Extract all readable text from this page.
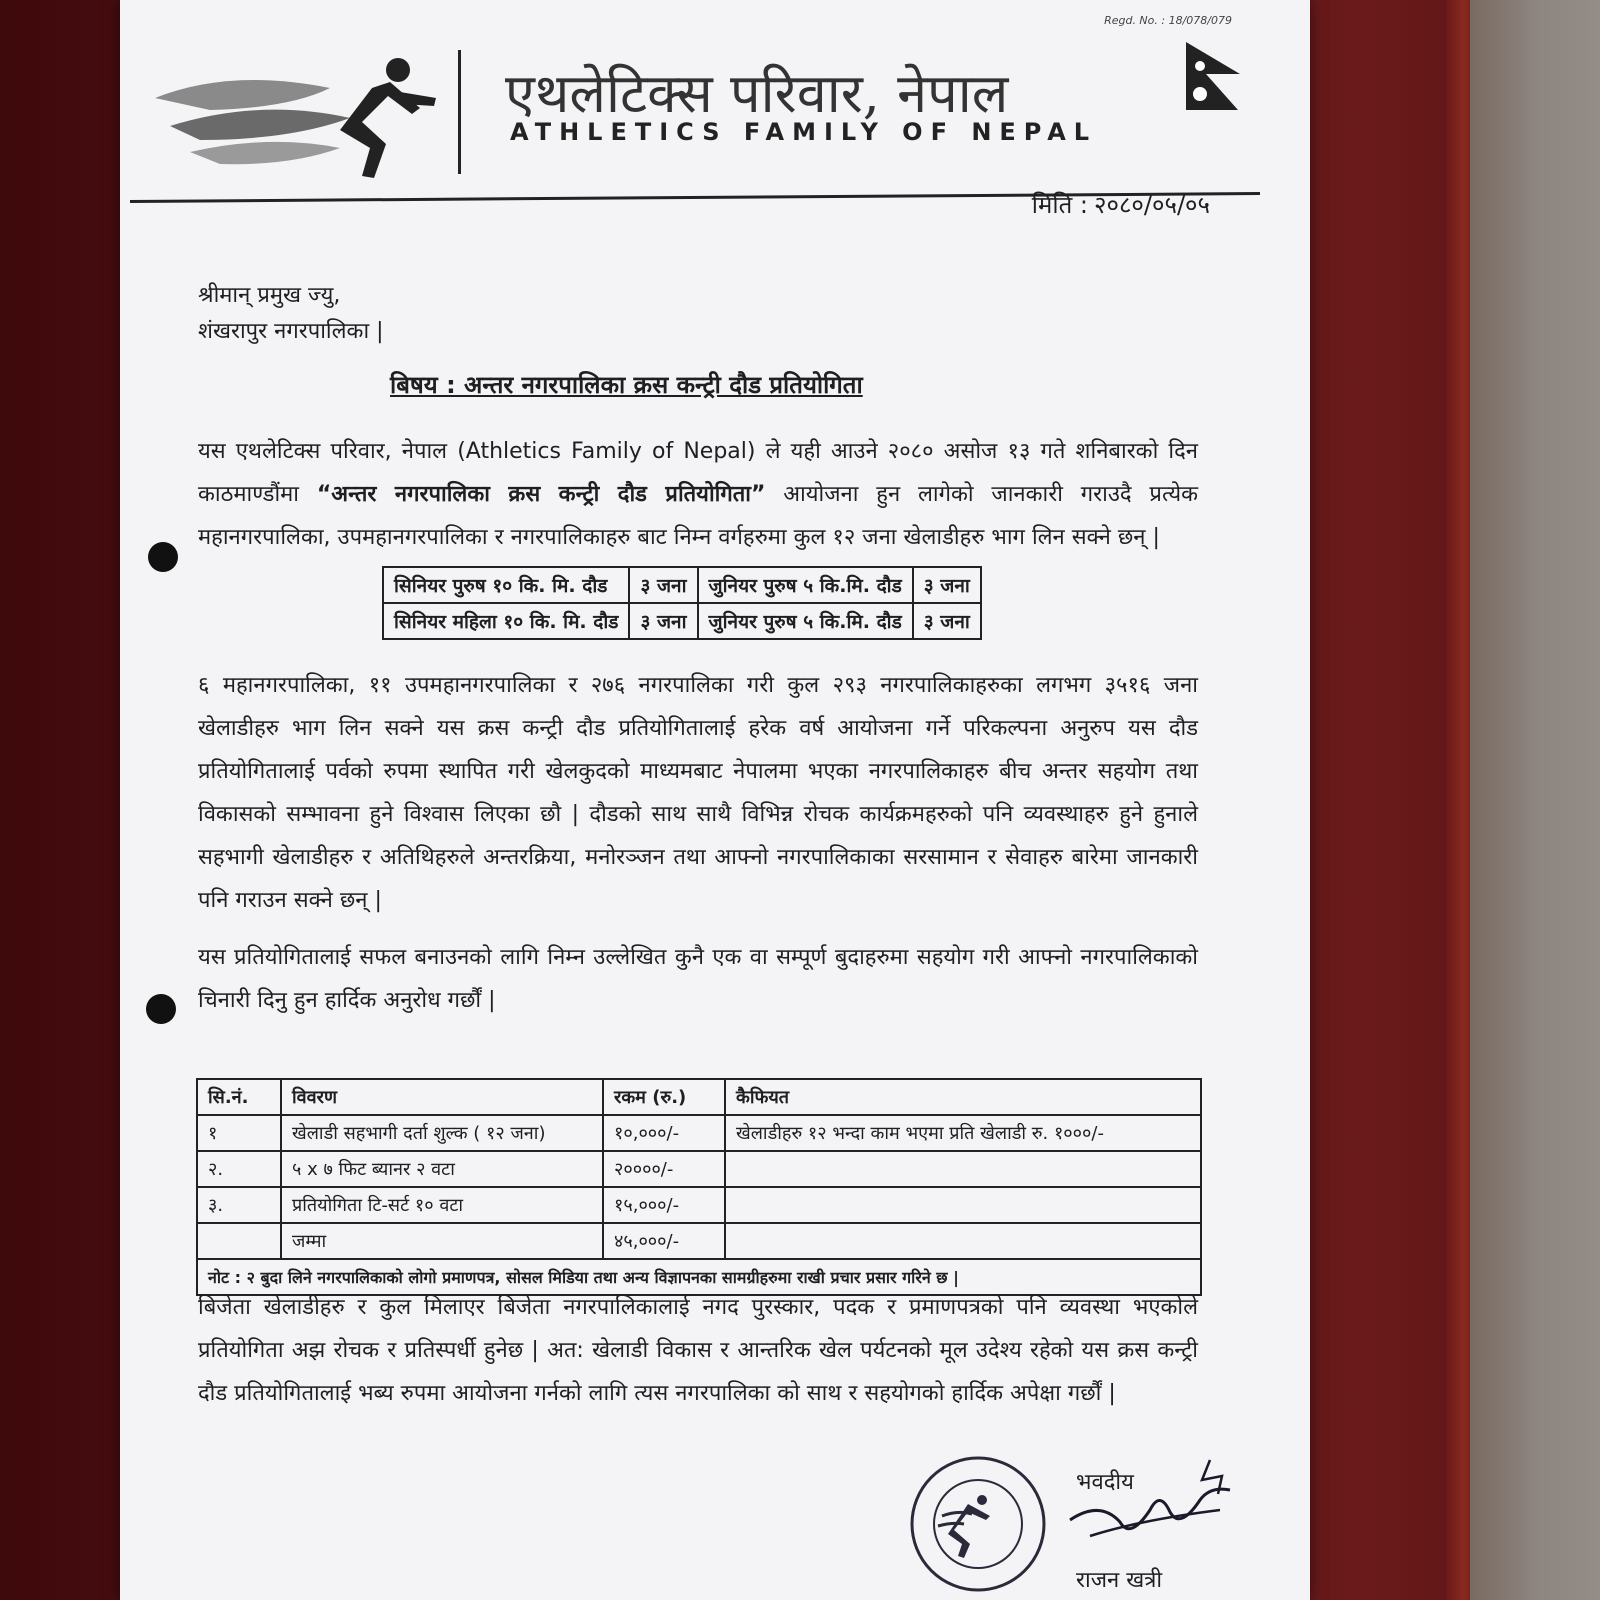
Regd. No. : 18/078/079
एथलेटिक्स परिवार, नेपाल
ATHLETICS FAMILY OF NEPAL
मिति : २०८०/०५/०५
श्रीमान् प्रमुख ज्यु,
शंखरापुर नगरपालिका |
बिषय : अन्तर नगरपालिका क्रस कन्ट्री दौड प्रतियोगिता
यस एथलेटिक्स परिवार, नेपाल (Athletics Family of Nepal) ले यही आउने २०८० असोज १३ गते शनिबारको दिन काठमाण्डौंमा “अन्तर नगरपालिका क्रस कन्ट्री दौड प्रतियोगिता” आयोजना हुन लागेको जानकारी गराउदै प्रत्येक महानगरपालिका, उपमहानगरपालिका र नगरपालिकाहरु बाट निम्न वर्गहरुमा कुल १२ जना खेलाडीहरु भाग लिन सक्ने छन् |
सिनियर पुरुष १० कि. मि. दौड	३ जना	जुनियर पुरुष ५ कि.मि. दौड	३ जना
सिनियर महिला १० कि. मि. दौड	३ जना	जुनियर पुरुष ५ कि.मि. दौड	३ जना
६ महानगरपालिका, ११ उपमहानगरपालिका र २७६ नगरपालिका गरी कुल २९३ नगरपालिकाहरुका लगभग ३५१६ जना खेलाडीहरु भाग लिन सक्ने यस क्रस कन्ट्री दौड प्रतियोगितालाई हरेक वर्ष आयोजना गर्ने परिकल्पना अनुरुप यस दौड प्रतियोगितालाई पर्वको रुपमा स्थापित गरी खेलकुदको माध्यमबाट नेपालमा भएका नगरपालिकाहरु बीच अन्तर सहयोग तथा विकासको सम्भावना हुने विश्वास लिएका छौ | दौडको साथ साथै विभिन्न रोचक कार्यक्रमहरुको पनि व्यवस्थाहरु हुने हुनाले सहभागी खेलाडीहरु र अतिथिहरुले अन्तरक्रिया, मनोरञ्जन तथा आफ्नो नगरपालिकाका सरसामान र सेवाहरु बारेमा जानकारी पनि गराउन सक्ने छन् |
यस प्रतियोगितालाई सफल बनाउनको लागि निम्न उल्लेखित कुनै एक वा सम्पूर्ण बुदाहरुमा सहयोग गरी आफ्नो नगरपालिकाको चिनारी दिनु हुन हार्दिक अनुरोध गर्छौं |
सि.नं.	विवरण	रकम (रु.)	कैफियत
१	खेलाडी सहभागी दर्ता शुल्क ( १२ जना)	१०,०००/-	खेलाडीहरु १२ भन्दा काम भएमा प्रति खेलाडी रु. १०००/-
२.	५ x ७ फिट ब्यानर २ वटा	२००००/-	
३.	प्रतियोगिता टि-सर्ट १० वटा	१५,०००/-	
	जम्मा	४५,०००/-	
नोट : २ बुदा लिने नगरपालिकाको लोगो प्रमाणपत्र, सोसल मिडिया तथा अन्य विज्ञापनका सामग्रीहरुमा राखी प्रचार प्रसार गरिने छ |			
बिजेता खेलाडीहरु र कुल मिलाएर बिजेता नगरपालिकालाई नगद पुरस्कार, पदक र प्रमाणपत्रको पनि व्यवस्था भएकोले प्रतियोगिता अझ रोचक र प्रतिस्पर्धी हुनेछ | अत: खेलाडी विकास र आन्तरिक खेल पर्यटनको मूल उदेश्य रहेको यस क्रस कन्ट्री दौड प्रतियोगितालाई भब्य रुपमा आयोजना गर्नको लागि त्यस नगरपालिका को साथ र सहयोगको हार्दिक अपेक्षा गर्छौं |
भवदीय
राजन खत्री
